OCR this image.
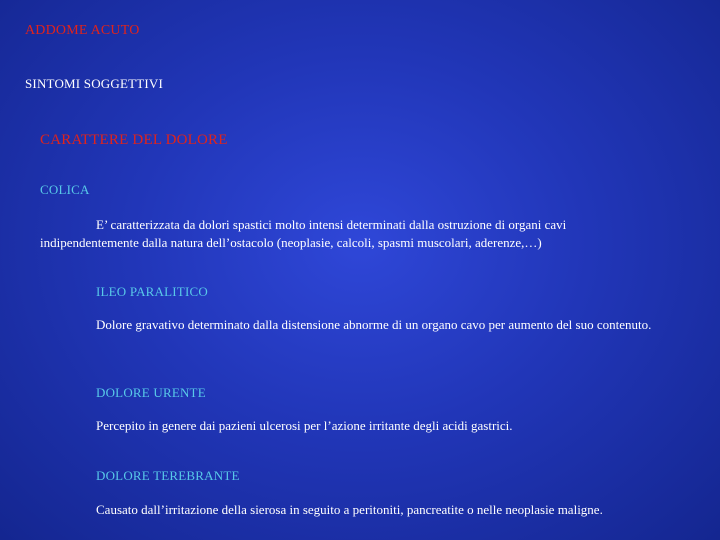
ADDOME ACUTO

SINTOMI SOGGETTIVI

CARATTERE DEL DOLORE

COLICA

E’ caratterizzata da dolori spastici molto intensi determinati dalla ostruzione di organi cavi indipendentemente dalla natura dell’ostacolo (neoplasie, calcoli, spasmi muscolari, aderenze,…)

ILEO PARALITICO

Dolore gravativo determinato dalla distensione abnorme di un organo cavo per aumento del suo contenuto.

DOLORE URENTE

Percepito in genere dai pazieni ulcerosi per l’azione irritante degli acidi gastrici.

DOLORE TEREBRANTE

Causato dall’irritazione della sierosa in seguito a peritoniti, pancreatite o nelle neoplasie maligne.
